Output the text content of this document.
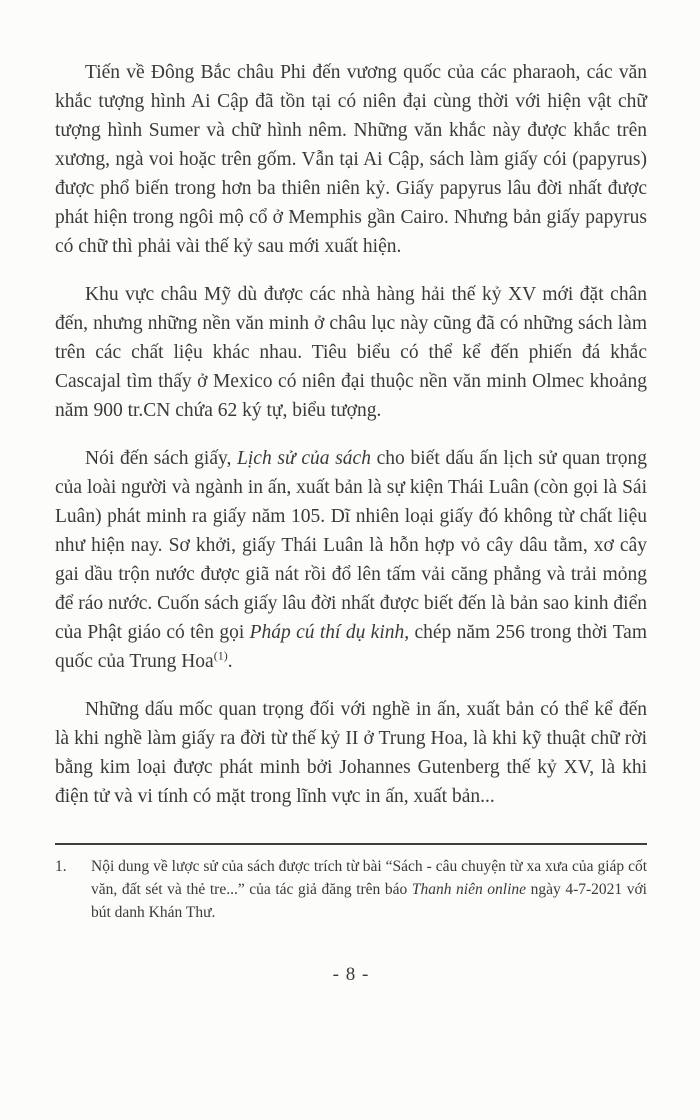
Tiến về Đông Bắc châu Phi đến vương quốc của các pharaoh, các văn khắc tượng hình Ai Cập đã tồn tại có niên đại cùng thời với hiện vật chữ tượng hình Sumer và chữ hình nêm. Những văn khắc này được khắc trên xương, ngà voi hoặc trên gốm. Vẫn tại Ai Cập, sách làm giấy cói (papyrus) được phổ biến trong hơn ba thiên niên kỷ. Giấy papyrus lâu đời nhất được phát hiện trong ngôi mộ cổ ở Memphis gần Cairo. Nhưng bản giấy papyrus có chữ thì phải vài thế kỷ sau mới xuất hiện.

Khu vực châu Mỹ dù được các nhà hàng hải thế kỷ XV mới đặt chân đến, nhưng những nền văn minh ở châu lục này cũng đã có những sách làm trên các chất liệu khác nhau. Tiêu biểu có thể kể đến phiến đá khắc Cascajal tìm thấy ở Mexico có niên đại thuộc nền văn minh Olmec khoảng năm 900 tr.CN chứa 62 ký tự, biểu tượng.

Nói đến sách giấy, Lịch sử của sách cho biết dấu ấn lịch sử quan trọng của loài người và ngành in ấn, xuất bản là sự kiện Thái Luân (còn gọi là Sái Luân) phát minh ra giấy năm 105. Dĩ nhiên loại giấy đó không từ chất liệu như hiện nay. Sơ khởi, giấy Thái Luân là hỗn hợp vỏ cây dâu tằm, xơ cây gai dầu trộn nước được giã nát rồi đổ lên tấm vải căng phẳng và trải mỏng để ráo nước. Cuốn sách giấy lâu đời nhất được biết đến là bản sao kinh điển của Phật giáo có tên gọi Pháp cú thí dụ kinh, chép năm 256 trong thời Tam quốc của Trung Hoa$^{(1)}$.

Những dấu mốc quan trọng đối với nghề in ấn, xuất bản có thể kể đến là khi nghề làm giấy ra đời từ thế kỷ II ở Trung Hoa, là khi kỹ thuật chữ rời bằng kim loại được phát minh bởi Johannes Gutenberg thế kỷ XV, là khi điện tử và vi tính có mặt trong lĩnh vực in ấn, xuất bản...

1.	Nội dung về lược sử của sách được trích từ bài “Sách - câu chuyện từ xa xưa của giáp cốt văn, đất sét và thẻ tre...” của tác giả đăng trên báo Thanh niên online ngày 4-7-2021 với bút danh Khán Thư.
- 8 -
